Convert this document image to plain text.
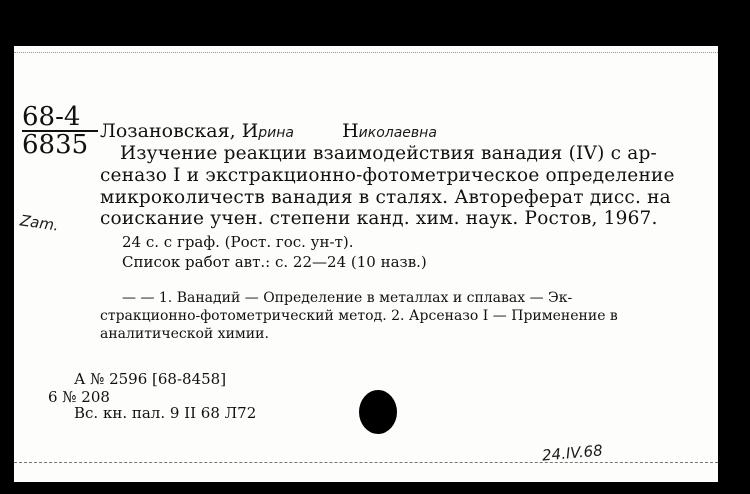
68-4
6835 Лозановская, Ирина	Николаевна
Изучение реакции взаимодействия ванадия (IV) с ар-
сеназо I и экстракционно-фотометрическое определение
микроколичеств ванадия в сталях. Автореферат дисс. на
соискание учен. степени канд. хим. наук. Ростов, 1967.
Zam.
24 с. с граф. (Рост. гос. ун-т).
Список работ авт.: с. 22—24 (10 назв.)
— — 1. Ванадий — Определение в металлах и сплавах — Эк-
стракционно-фотометрический метод. 2. Арсеназо I — Применение в
аналитической химии.
А № 2596 [68-8458]
6 № 208
Вс. кн. пал. 9 II 68 Л72
24.IV.68
